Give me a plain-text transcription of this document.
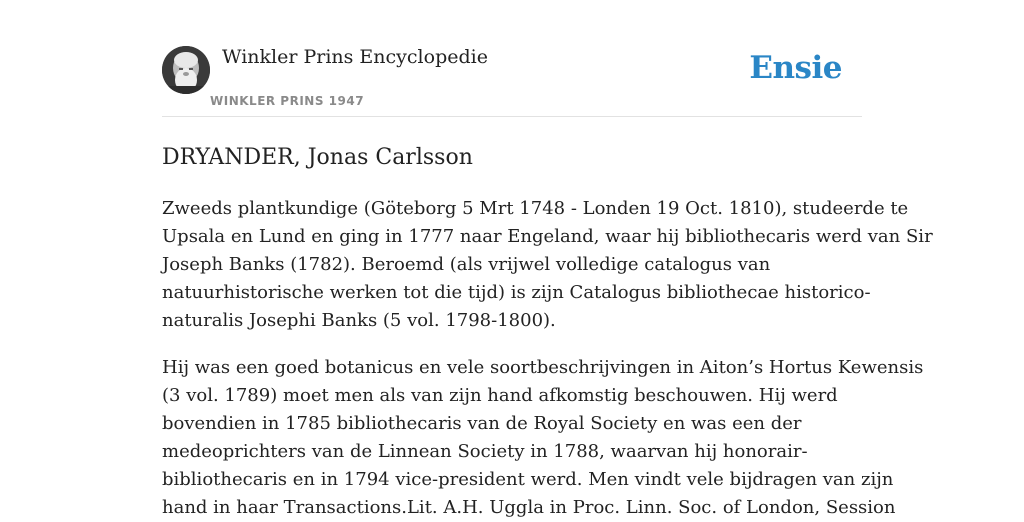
Winkler Prins Encyclopedie
WINKLER PRINS 1947
Ensie
DRYANDER, Jonas Carlsson

Zweeds plantkundige (Göteborg 5 Mrt 1748 - Londen 19 Oct. 1810), studeerde te
Upsala en Lund en ging in 1777 naar Engeland, waar hij bibliothecaris werd van Sir
Joseph Banks (1782). Beroemd (als vrijwel volledige catalogus van
natuurhistorische werken tot die tijd) is zijn Catalogus bibliothecae historico-
naturalis Josephi Banks (5 vol. 1798-1800).

Hij was een goed botanicus en vele soortbeschrijvingen in Aiton’s Hortus Kewensis
(3 vol. 1789) moet men als van zijn hand afkomstig beschouwen. Hij werd
bovendien in 1785 bibliothecaris van de Royal Society en was een der
medeoprichters van de Linnean Society in 1788, waarvan hij honorair-
bibliothecaris en in 1794 vice-president werd. Men vindt vele bijdragen van zijn
hand in haar Transactions.Lit. A.H. Uggla in Proc. Linn. Soc. of London, Session
